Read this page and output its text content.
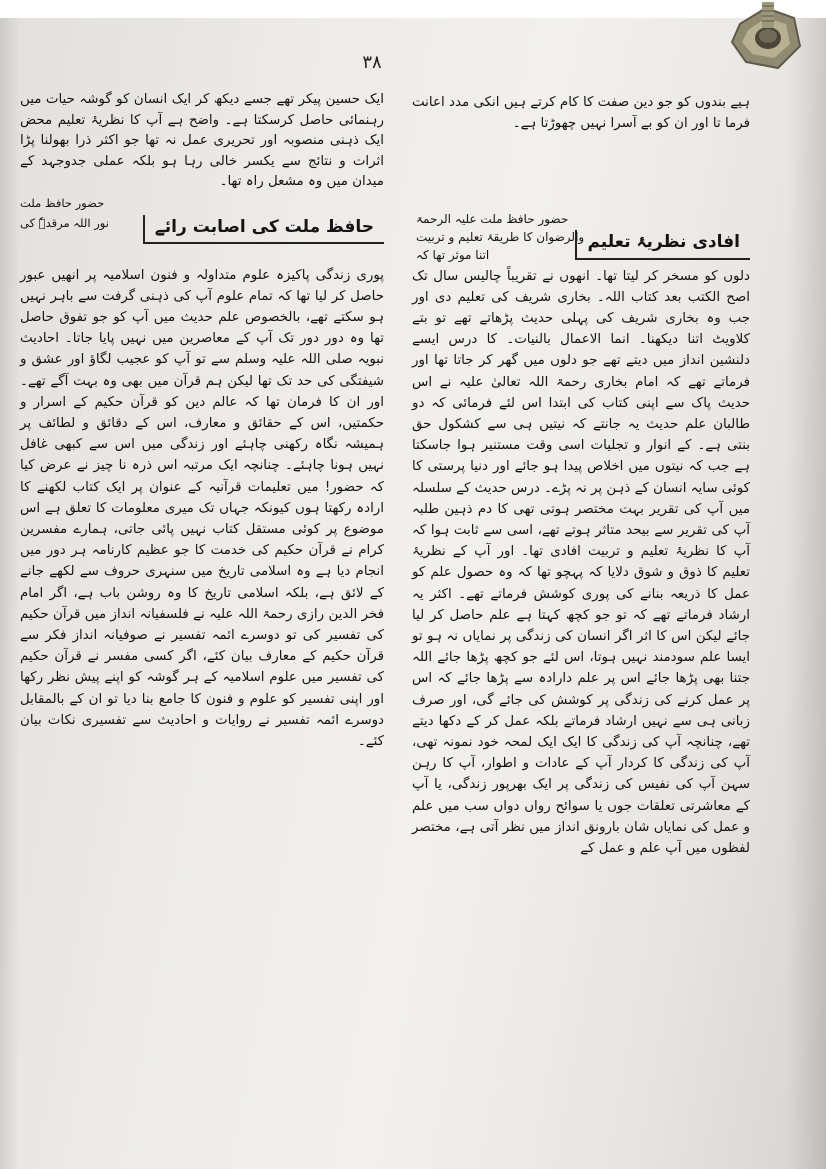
۳۸

ہیے بندوں کو جو دین صفت کا کام کرتے ہیں انکی مدد اعانت فرما تا اور ان کو بے آسرا نہیں چھوڑتا ہے۔

حضور حافظ ملت علیہ الرحمۃ والرضوان کا طریقۂ تعلیم و تربیت اتنا موثر تھا کہ
افادی نظریۂ تعلیم

دلوں کو مسخر کر لیتا تھا۔ انھوں نے تقریباً چالیس سال تک اصح الکتب بعد کتاب اللہ۔ بخاری شریف کی تعلیم دی اور جب وہ بخاری شریف کی پہلی حدیث پڑھاتے تھے تو بتے کلاویٹ اتنا دیکھنا۔ انما الاعمال بالنیات۔ کا درس ایسے دلنشین انداز میں دیتے تھے جو دلوں میں گھر کر جاتا تھا اور فرماتے تھے کہ امام بخاری رحمۃ اللہ تعالیٰ علیہ نے اس حدیث پاک سے اپنی کتاب کی ابتدا اس لئے فرمائی کہ دو طالبان علم حدیث یہ جانتے کہ نیتیں ہی سے کشکول حق بنتی ہے۔ کے انوار و تجلیات اسی وقت مستنیر ہوا جاسکتا ہے جب کہ نیتوں میں اخلاص پیدا ہو جائے اور دنیا پرستی کا کوئی سایہ انسان کے ذہن پر نہ پڑے۔ درس حدیث کے سلسلہ میں آپ کی تقریر بہت مختصر ہوتی تھی کا دم ذہین طلبہ آپ کی تقریر سے بیحد متاثر ہوتے تھے، اسی سے ثابت ہوا کہ آپ کا نظریۂ تعلیم و تربیت افادی تھا۔ اور آپ کے نظریۂ تعلیم کا ذوق و شوق دلایا کہ پہچو تھا کہ وہ حصول علم کو عمل کا ذریعہ بنانے کی پوری کوشش فرماتے تھے۔ اکثر یہ ارشاد فرماتے تھے کہ تو جو کچھ کہتا ہے علم حاصل کر لیا جائے لیکن اس کا اثر اگر انسان کی زندگی پر نمایاں نہ ہو تو ایسا علم سودمند نہیں ہوتا، اس لئے جو کچھ پڑھا جائے اللہ جتنا بھی پڑھا جائے اس پر علم دارادہ سے پڑھا جائے کہ اس پر عمل کرنے کی زندگی پر کوشش کی جائے گی، اور صرف زبانی ہی سے نہیں ارشاد فرماتے بلکہ عمل کر کے دکھا دیتے تھے، چنانچہ آپ کی زندگی کا ایک ایک لمحہ خود نمونہ تھی، آپ کی زندگی کا کردار آپ کے عادات و اطوار، آپ کا رہن سہن آپ کی نفیس کی زندگی پر ایک بھرپور زندگی، یا آپ کے معاشرتی تعلقات جوں یا سوائح رواں دواں سب میں علم و عمل کی نمایاں شان بارونق انداز میں نظر آتی ہے، مختصر لفظوں میں آپ علم و عمل کے

ایک حسین پیکر تھے جسے دیکھ کر ایک انسان کو گوشہ حیات میں رہنمائی حاصل کرسکتا ہے۔ واضح ہے آپ کا نظریۂ تعلیم محض ایک ذہنی منصوبہ اور تحریری عمل نہ تھا جو اکثر ذرا بھولنا پڑا اثرات و نتائج سے یکسر خالی رہا ہو بلکہ عملی جدوجہد کے میدان میں وہ مشعل راہ تھا۔

حضور حافظ ملت نور اللہ مرقدہٗ کی	حافظ ملت کی اصابت رائے

پوری زندگی پاکیزہ علوم متداولہ و فنون اسلامیہ پر انھیں عبور حاصل کر لیا تھا کہ تمام علوم آپ کی ذہنی گرفت سے باہر نہیں ہو سکتے تھے، بالخصوص علم حدیث میں آپ کو جو تفوق حاصل تھا وہ دور دور تک آپ کے معاصرین میں نہیں پایا جاتا۔ احادیث نبویہ صلی اللہ علیہ وسلم سے تو آپ کو عجیب لگاؤ اور عشق و شیفتگی کی حد تک تھا لیکن ہم قرآن میں بھی وہ بہت آگے تھے۔ اور ان کا فرمان تھا کہ عالم دین کو قرآن حکیم کے اسرار و حکمتیں، اس کے حقائق و معارف، اس کے دقائق و لطائف پر ہمیشہ نگاہ رکھنی چاہئے اور زندگی میں اس سے کبھی غافل نہیں ہونا چاہئے۔ چنانچہ ایک مرتبہ اس ذرہ نا چیز نے عرض کیا کہ حضور! میں تعلیمات قرآنیہ کے عنوان پر ایک کتاب لکھنے کا ارادہ رکھتا ہوں کیونکہ جہاں تک میری معلومات کا تعلق ہے اس موضوع پر کوئی مستقل کتاب نہیں پائی جاتی، ہمارے مفسرین کرام نے قرآن حکیم کی خدمت کا جو عظیم کارنامہ ہر دور میں انجام دیا ہے وہ اسلامی تاریخ میں سنہری حروف سے لکھے جانے کے لائق ہے، بلکہ اسلامی تاریخ کا وہ روشن باب ہے، اگر امام فخر الدین رازی رحمۃ اللہ علیہ نے فلسفیانہ انداز میں قرآن حکیم کی تفسیر کی تو دوسرے ائمہ تفسیر نے صوفیانہ انداز فکر سے قرآن حکیم کے معارف بیان کئے، اگر کسی مفسر نے قرآن حکیم کی تفسیر میں علوم اسلامیہ کے ہر گوشہ کو اپنے پیش نظر رکھا اور اپنی تفسیر کو علوم و فنون کا جامع بنا دیا تو ان کے بالمقابل دوسرے ائمہ تفسیر نے روایات و احادیث سے تفسیری نکات بیان کئے۔
